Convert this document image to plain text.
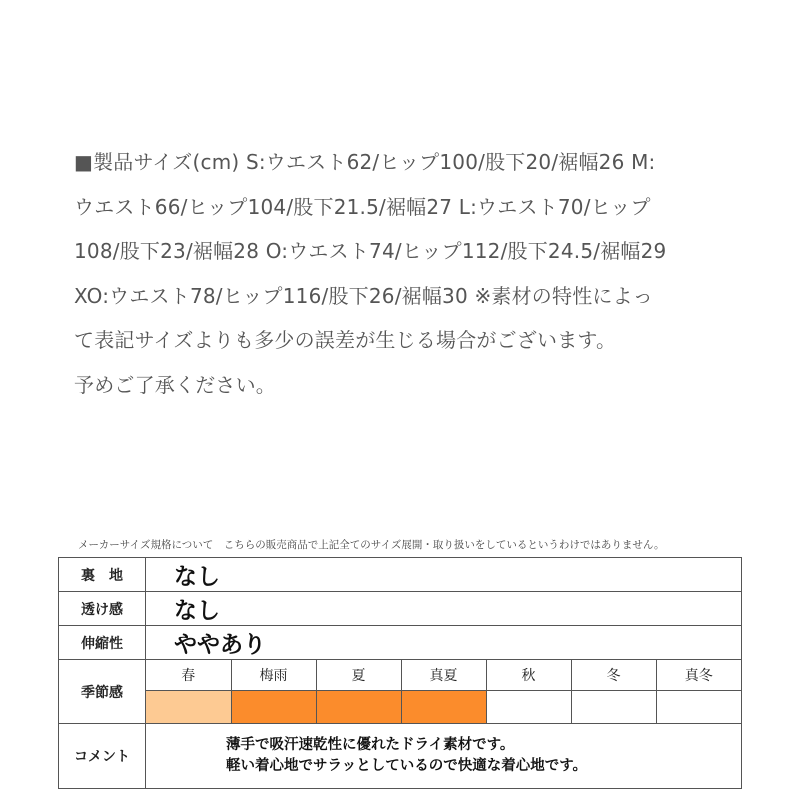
■製品サイズ(cm) S:ウエスト62/ヒップ100/股下20/裾幅26 M:

ウエスト66/ヒップ104/股下21.5/裾幅27 L:ウエスト70/ヒップ

108/股下23/裾幅28 O:ウエスト74/ヒップ112/股下24.5/裾幅29

XO:ウエスト78/ヒップ116/股下26/裾幅30 ※素材の特性によっ

て表記サイズよりも多少の誤差が生じる場合がございます。

予めご了承ください。

メーカーサイズ規格について　こちらの販売商品で上記全てのサイズ展開・取り扱いをしているというわけではありません。
裏　地	なし
透け感	なし
伸縮性	ややあり
季節感	
春	梅雨	夏	真夏	秋	冬	真冬

コメント	

薄手で吸汗速乾性に優れたドライ素材です。

軽い着心地でサラッとしているので快適な着心地です。
